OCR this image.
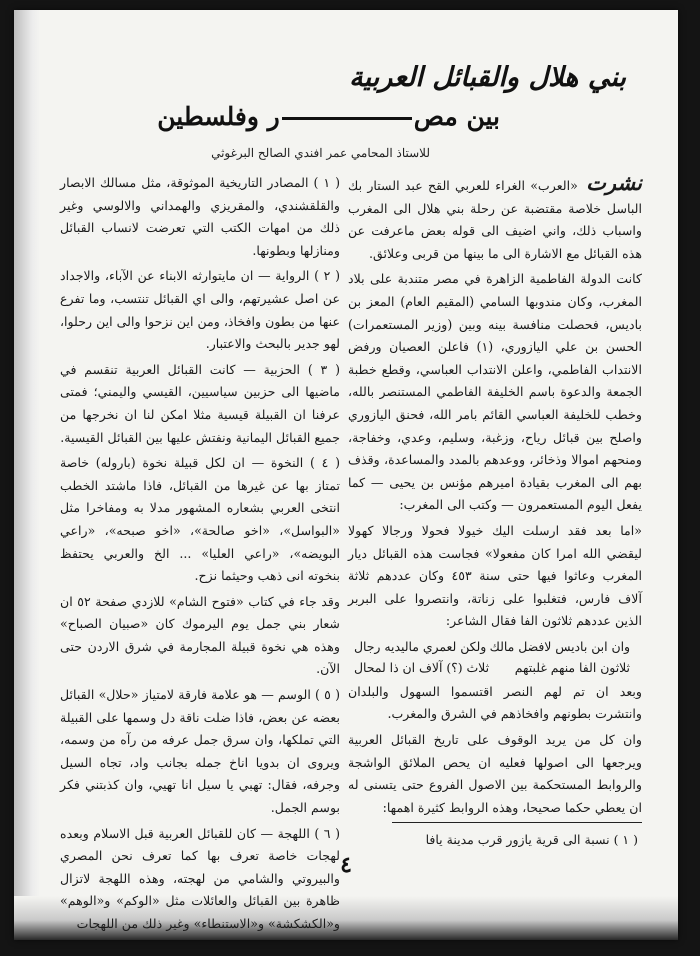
بني هلال والقبائل العربية
بين مصر وفلسطين
للاستاذ المحامي عمر افندي الصالح البرغوثي

نشرت «العرب» الغراء للعربي القح عبد الستار بك الباسل خلاصة مقتضبة عن رحلة بني هلال الى المغرب واسباب ذلك، واني اضيف الى قوله بعض ماعرفت عن هذه القبائل مع الاشارة الى ما بينها من قربى وعلائق.

كانت الدولة الفاطمية الزاهرة في مصر متندبة على بلاد المغرب، وكان مندوبها السامي (المقيم العام) المعز بن باديس، فحصلت منافسة بينه وبين (وزير المستعمرات) الحسن بن علي اليازوري، (١) فاعلن العصيان ورفض الانتداب الفاطمي، واعلن الانتداب العباسي، وقطع خطبة الجمعة والدعوة باسم الخليفة الفاطمي المستنصر بالله، وخطب للخليفة العباسي القائم بامر الله، فحنق اليازوري واصلح بين قبائل رياح، وزغبة، وسليم، وعدي، وخفاجة، ومنحهم اموالا وذخائر، ووعدهم بالمدد والمساعدة، وقذف بهم الى المغرب بقيادة اميرهم مؤنس بن يحيى — كما يفعل اليوم المستعمرون — وكتب الى المغرب:

«اما بعد فقد ارسلت اليك خيولا فحولا ورجالا كهولا ليقضي الله امرا كان مفعولا» فجاست هذه القبائل ديار المغرب وعاثوا فيها حتى سنة ٤٥٣ وكان عددهم ثلاثة آلاف فارس، فتغلبوا على زناتة، وانتصروا على البربر الذين عددهم ثلاثون الفا فقال الشاعر:

وان ابن باديس لافضل مالك
ولكن لعمري ماليديه رجال
ثلاثون الفا منهم غلبتهم
ثلاث (؟) آلاف ان ذا لمحال

وبعد ان تم لهم النصر اقتسموا السهول والبلدان وانتشرت بطونهم وافخاذهم في الشرق والمغرب.

وان كل من يريد الوقوف على تاريخ القبائل العربية ويرجعها الى اصولها فعليه ان يحص الملائق الواشجة والروابط المستحكمة بين الاصول الفروع حتى يتسنى له ان يعطي حكما صحيحا، وهذه الروابط كثيرة اهمها:

( ١ ) المصادر التاريخية الموثوقة، مثل مسالك الابصار والقلقشندي، والمقريزي والهمداني والالوسي وغير ذلك من امهات الكتب التي تعرضت لانساب القبائل ومنازلها وبطونها.

( ٢ ) الرواية — ان مايتوارثه الابناء عن الآباء، والاجداد عن اصل عشيرتهم، والى اي القبائل تنتسب، وما تفرع عنها من بطون وافخاذ، ومن اين نزحوا والى اين رحلوا، لهو جدير بالبحث والاعتبار.

( ٣ ) الحزبية — كانت القبائل العربية تنقسم في ماضيها الى حزبين سياسيين، القيسي واليمني؛ فمتى عرفنا ان القبيلة قيسية مثلا امكن لنا ان نخرجها من جميع القبائل اليمانية ونفتش عليها بين القبائل القيسية.

( ٤ ) النخوة — ان لكل قبيلة نخوة (باروله) خاصة تمتاز بها عن غيرها من القبائل، فاذا ماشتد الخطب انتخى العربي بشعاره المشهور مدلا به ومفاخرا مثل «البواسل»، «اخو صالحة»، «اخو صبحه»، «راعي البويضه»، «راعي العليا» ... الخ والعربي يحتفظ بنخوته انى ذهب وحيثما نزح.

وقد جاء في كتاب «فتوح الشام» للازدي صفحة ٥٢ ان شعار بني جمل يوم اليرموك كان «صبيان الصباح» وهذه هي نخوة قبيلة المجارمة في شرق الاردن حتى الآن.

( ٥ ) الوسم — هو علامة فارقة لامتياز «حلال» القبائل بعضه عن بعض، فاذا ضلت ناقة دل وسمها على القبيلة التي تملكها، وان سرق جمل عرفه من رآه من وسمه، ويروى ان بدويا اناخ جمله بجانب واد، تجاه السيل وجرفه، فقال: تهبي يا سيل انا تهيي، وان كذبتني فكر بوسم الجمل.

( ٦ ) اللهجة — كان للقبائل العربية قبل الاسلام وبعده لهجات خاصة تعرف بها كما تعرف نحن المصري والبيروتي والشامي من لهجته، وهذه اللهجة لاتزال ظاهرة بين القبائل والعائلات مثل «الوكم» و«الوهم» و«الكشكشة» و«الاستنطاء» وغير ذلك من اللهجات

( ١ ) نسبة الى قرية يازور قرب مدينة يافا
٤
